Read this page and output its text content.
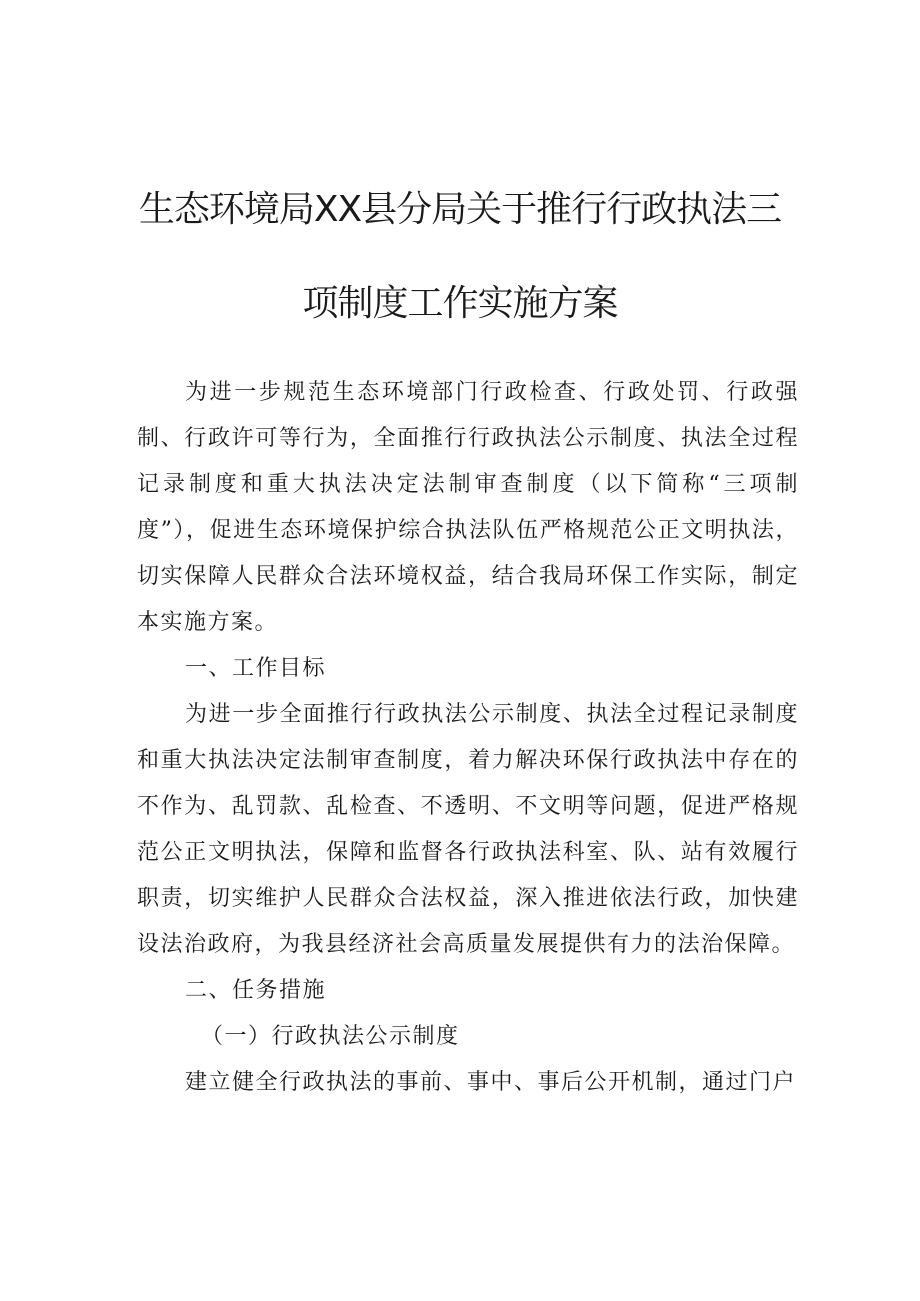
生态环境局XX县分局关于推行行政执法三
项制度工作实施方案

为进一步规范生态环境部门行政检查、行政处罚、行政强制、行政许可等行为，全面推行行政执法公示制度、执法全过程记录制度和重大执法决定法制审查制度（以下简称“三项制度”），促进生态环境保护综合执法队伍严格规范公正文明执法，切实保障人民群众合法环境权益，结合我局环保工作实际，制定本实施方案。

一、工作目标

为进一步全面推行行政执法公示制度、执法全过程记录制度和重大执法决定法制审查制度，着力解决环保行政执法中存在的不作为、乱罚款、乱检查、不透明、不文明等问题，促进严格规范公正文明执法，保障和监督各行政执法科室、队、站有效履行职责，切实维护人民群众合法权益，深入推进依法行政，加快建设法治政府，为我县经济社会高质量发展提供有力的法治保障。

二、任务措施

（一）行政执法公示制度

建立健全行政执法的事前、事中、事后公开机制，通过门户
